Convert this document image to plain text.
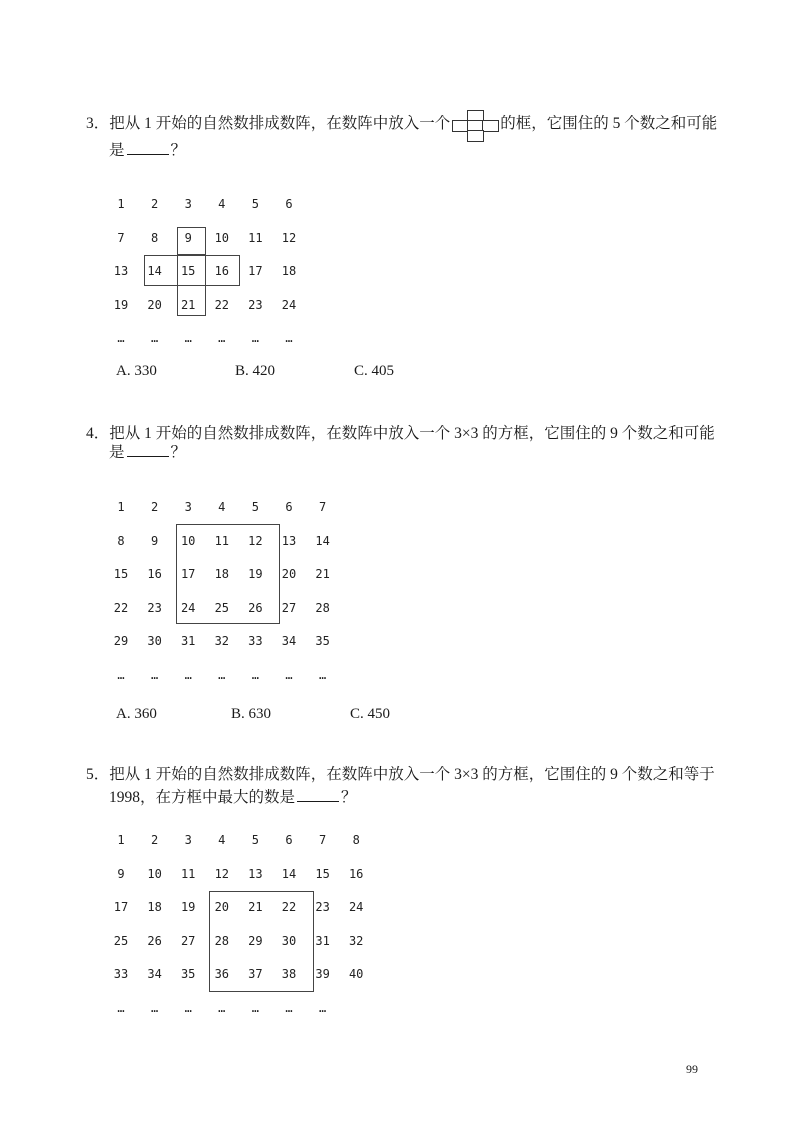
3．把从 1 开始的自然数排成数阵，在数阵中放入一个	的框，它围住的 5 个数之和可能
是	？
1	2	3	4	5	6
7	8	9	10	11	12
13	14	15	16	17	18
19	20	21	22	23	24
…	…	…	…	…	…
A. 330	B. 420	C. 405
4．把从 1 开始的自然数排成数阵，在数阵中放入一个 3×3 的方框，它围住的 9 个数之和可能
是	？
1	2	3	4	5	6	7
8	9	10	11	12	13	14
15	16	17	18	19	20	21
22	23	24	25	26	27	28
29	30	31	32	33	34	35
…	…	…	…	…	…	…
A. 360	B. 630	C. 450
5．把从 1 开始的自然数排成数阵，在数阵中放入一个 3×3 的方框，它围住的 9 个数之和等于
1998，在方框中最大的数是	？
1	2	3	4	5	6	7	8
9	10	11	12	13	14	15	16
17	18	19	20	21	22	23	24
25	26	27	28	29	30	31	32
33	34	35	36	37	38	39	40
…	…	…	…	…	…	…
99
